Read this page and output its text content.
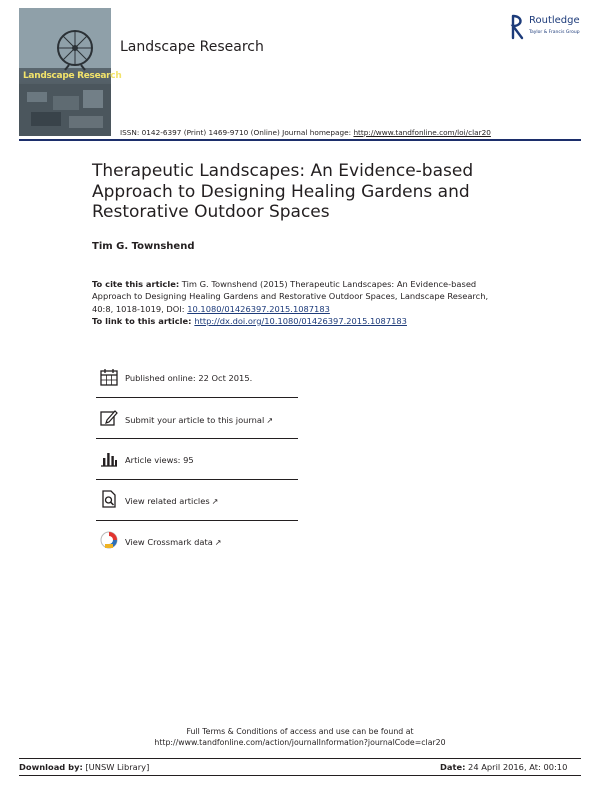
Landscape Research
Landscape Research
Routledge
Taylor & Francis Group
ISSN: 0142-6397 (Print) 1469-9710 (Online) Journal homepage: http://www.tandfonline.com/loi/clar20
Therapeutic Landscapes: An Evidence-based
Approach to Designing Healing Gardens and
Restorative Outdoor Spaces
Tim G. Townshend
To cite this article: Tim G. Townshend (2015) Therapeutic Landscapes: An Evidence-based
Approach to Designing Healing Gardens and Restorative Outdoor Spaces, Landscape Research,
40:8, 1018-1019, DOI: 10.1080/01426397.2015.1087183
To link to this article: http://dx.doi.org/10.1080/01426397.2015.1087183
Published online: 22 Oct 2015.
Submit your article to this journal ↗
Article views: 95
View related articles ↗
View Crossmark data ↗
Full Terms & Conditions of access and use can be found at
http://www.tandfonline.com/action/journalInformation?journalCode=clar20
Download by: [UNSW Library]	Date: 24 April 2016, At: 00:10
